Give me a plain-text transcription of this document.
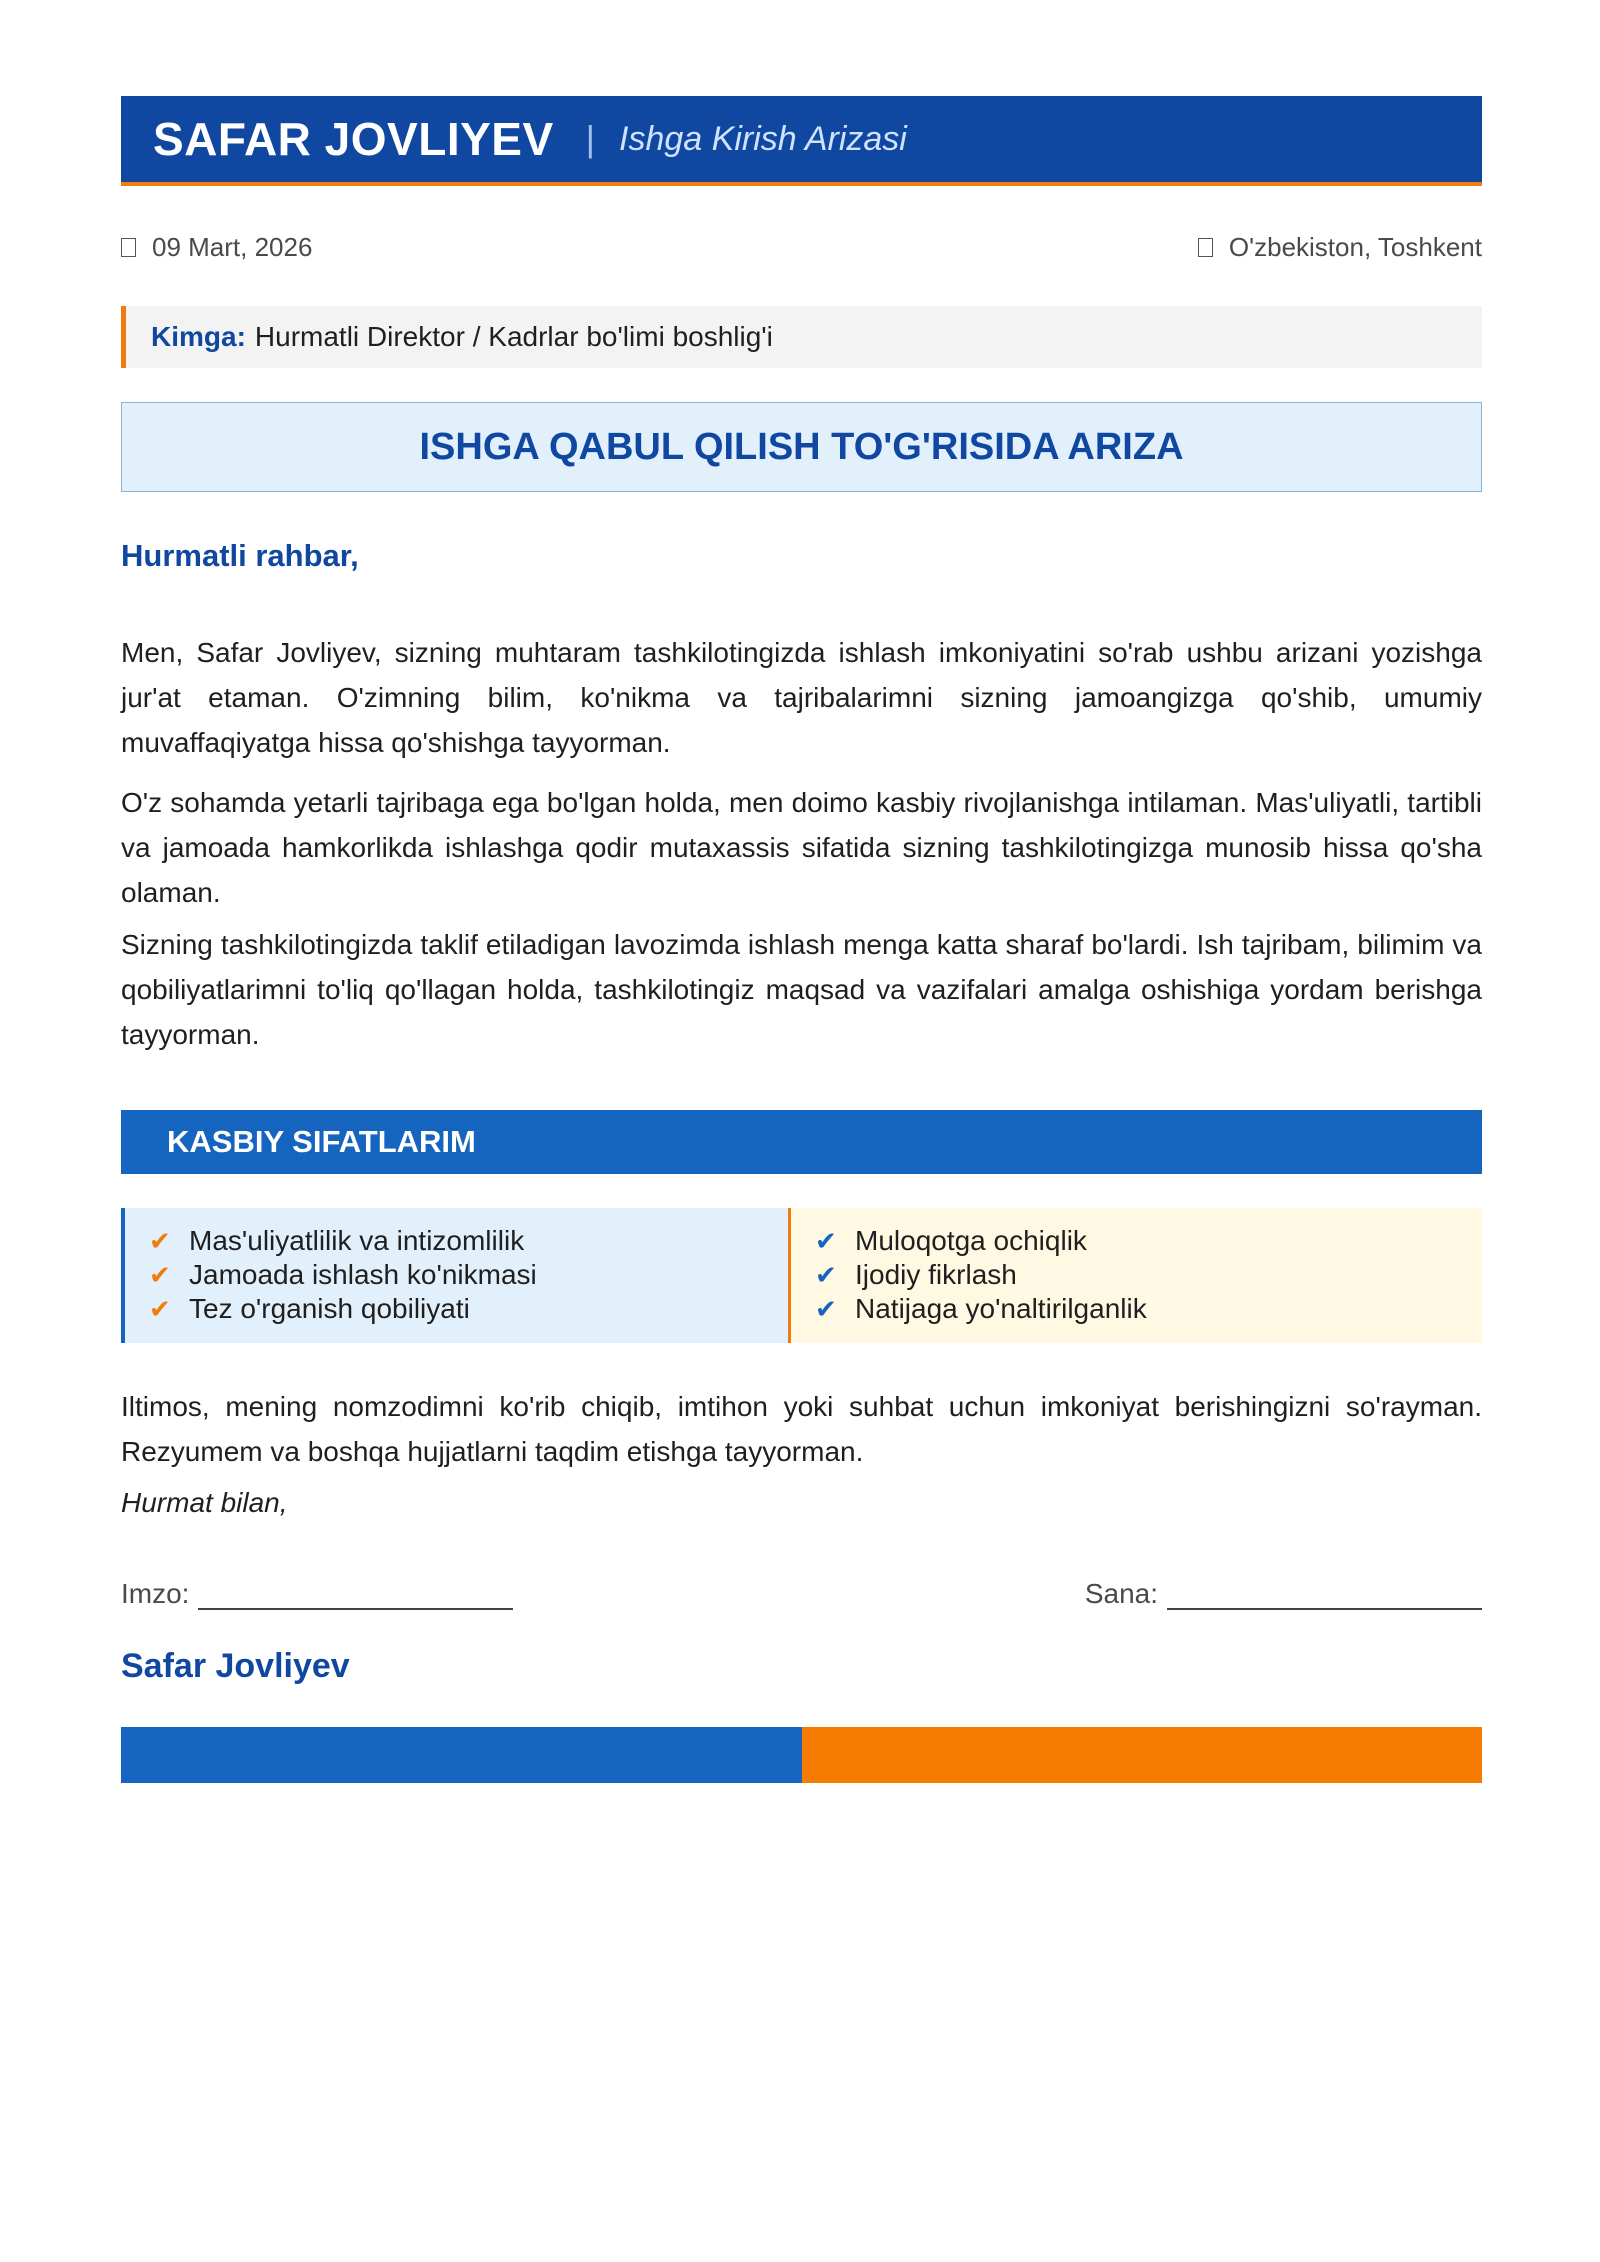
SAFAR JOVLIYEV | Ishga Kirish Arizasi
09 Mart, 2026	O'zbekiston, Toshkent
Kimga: Hurmatli Direktor / Kadrlar bo'limi boshlig'i
ISHGA QABUL QILISH TO'G'RISIDA ARIZA
Hurmatli rahbar,

Men, Safar Jovliyev, sizning muhtaram tashkilotingizda ishlash imkoniyatini so'rab ushbu arizani yozishga jur'at etaman. O'zimning bilim, ko'nikma va tajribalarimni sizning jamoangizga qo'shib, umumiy muvaffaqiyatga hissa qo'shishga tayyorman.

O'z sohamda yetarli tajribaga ega bo'lgan holda, men doimo kasbiy rivojlanishga intilaman. Mas'uliyatli, tartibli va jamoada hamkorlikda ishlashga qodir mutaxassis sifatida sizning tashkilotingizga munosib hissa qo'sha olaman.

Sizning tashkilotingizda taklif etiladigan lavozimda ishlash menga katta sharaf bo'lardi. Ish tajribam, bilimim va qobiliyatlarimni to'liq qo'llagan holda, tashkilotingiz maqsad va vazifalari amalga oshishiga yordam berishga tayyorman.

KASBIY SIFATLARIM
✔ Mas'uliyatlilik va intizomlilik
✔ Jamoada ishlash ko'nikmasi
✔ Tez o'rganish qobiliyati
✔ Muloqotga ochiqlik
✔ Ijodiy fikrlash
✔ Natijaga yo'naltirilganlik

Iltimos, mening nomzodimni ko'rib chiqib, imtihon yoki suhbat uchun imkoniyat berishingizni so'rayman. Rezyumem va boshqa hujjatlarni taqdim etishga tayyorman.

Hurmat bilan,
Imzo:	Sana:
Safar Jovliyev
